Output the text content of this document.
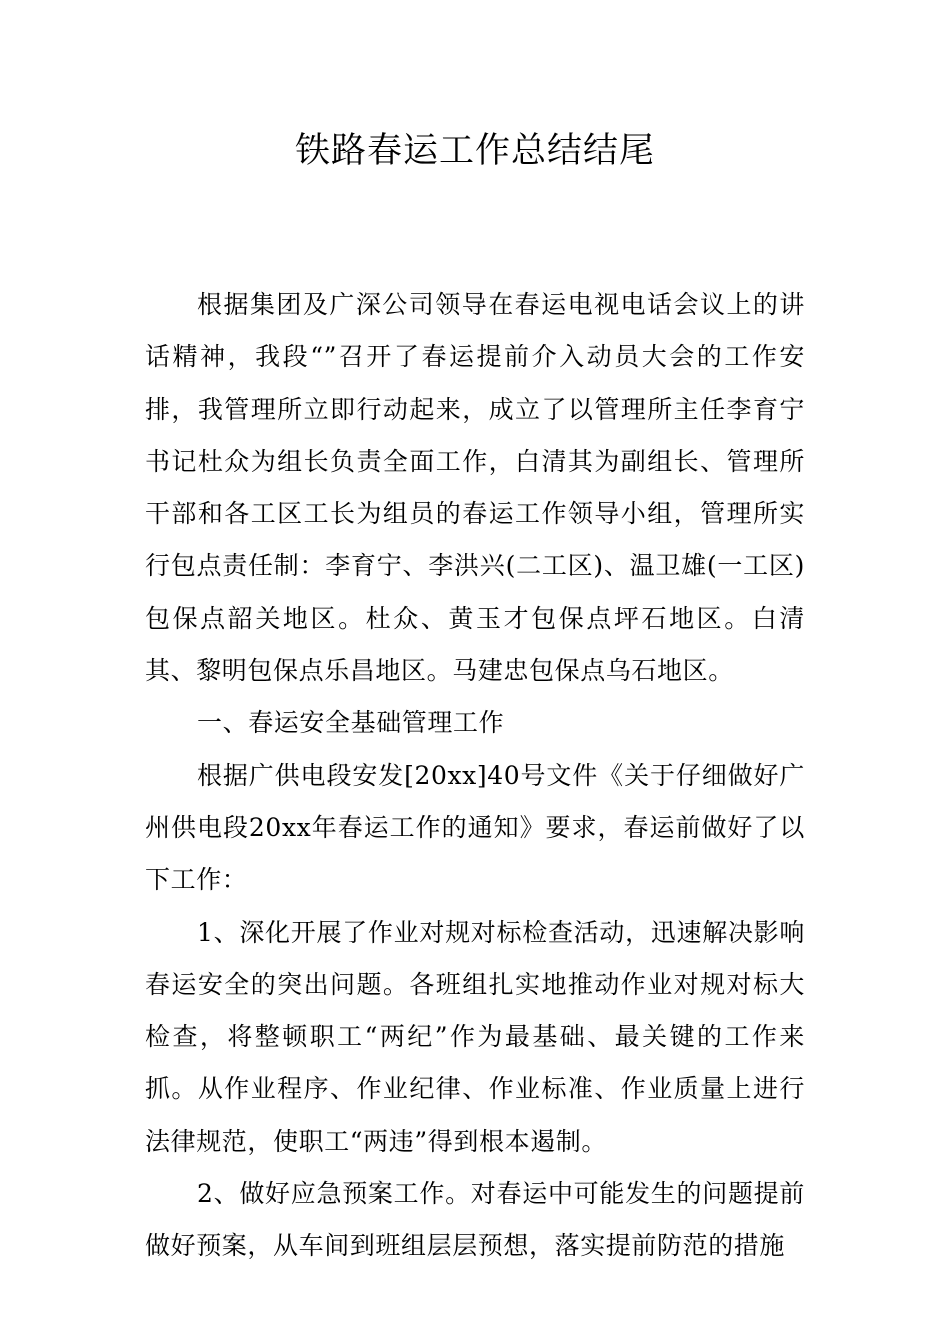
铁路春运工作总结结尾

根据集团及广深公司领导在春运电视电话会议上的讲话精神，我段“”召开了春运提前介入动员大会的工作安排，我管理所立即行动起来，成立了以管理所主任李育宁书记杜众为组长负责全面工作，白清其为副组长、管理所干部和各工区工长为组员的春运工作领导小组，管理所实行包点责任制：李育宁、李洪兴(二工区)、温卫雄(一工区)包保点韶关地区。杜众、黄玉才包保点坪石地区。白清其、黎明包保点乐昌地区。马建忠包保点乌石地区。

一、春运安全基础管理工作

根据广供电段安发[20xx]40号文件《关于仔细做好广州供电段20xx年春运工作的通知》要求，春运前做好了以下工作：

1、深化开展了作业对规对标检查活动，迅速解决影响春运安全的突出问题。各班组扎实地推动作业对规对标大检查，将整顿职工“两纪”作为最基础、最关键的工作来抓。从作业程序、作业纪律、作业标准、作业质量上进行法律规范，使职工“两违”得到根本遏制。

2、做好应急预案工作。对春运中可能发生的问题提前做好预案，从车间到班组层层预想，落实提前防范的措施
